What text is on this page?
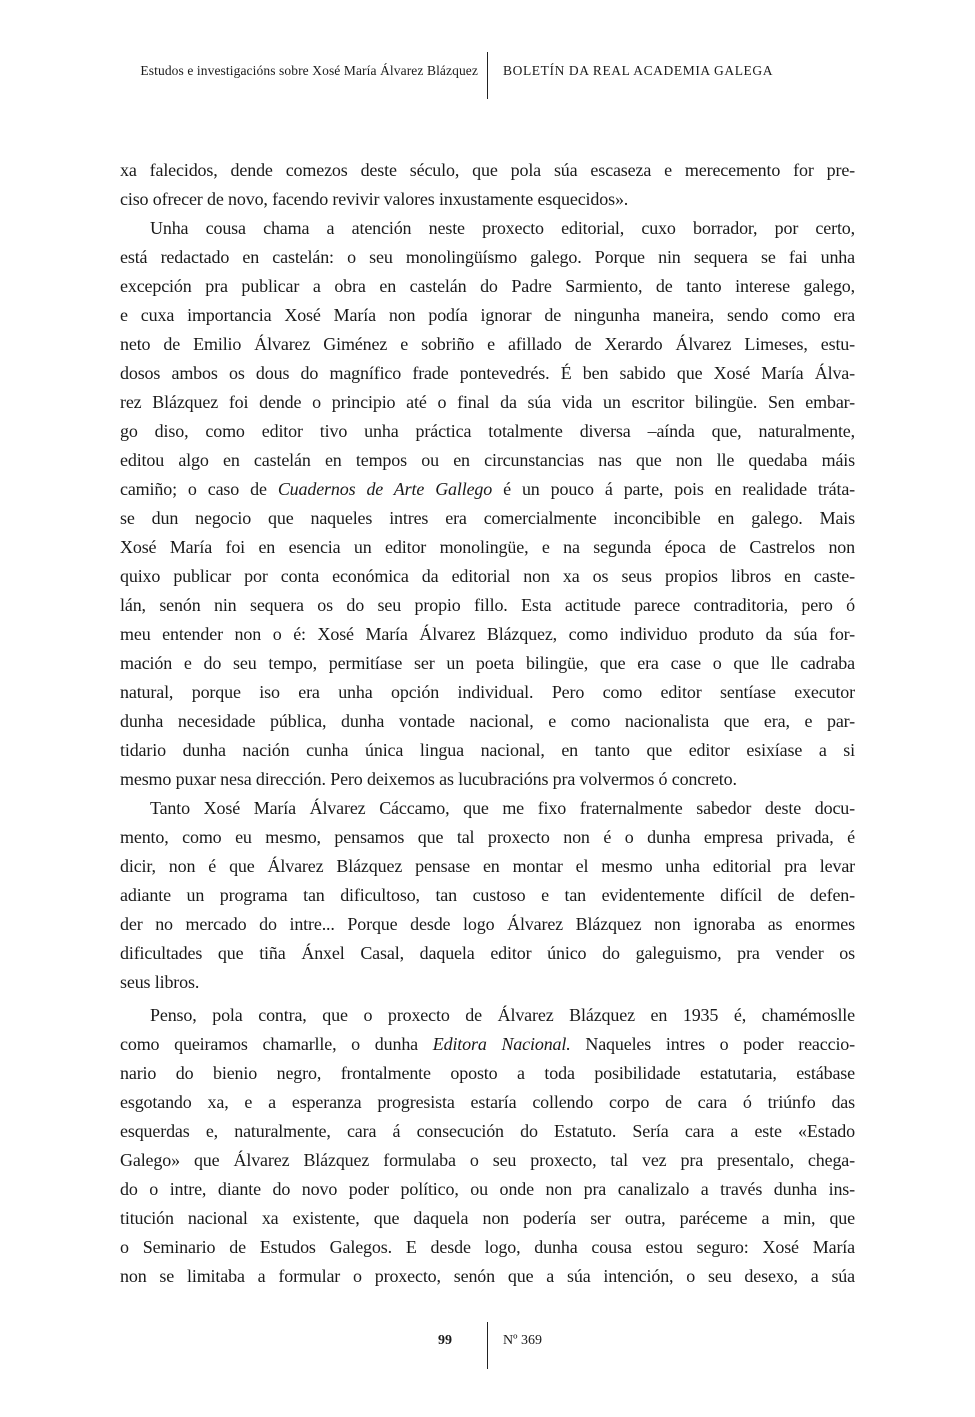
Estudos e investigacións sobre Xosé María Álvarez Blázquez BOLETÍN DA REAL ACADEMIA GALEGA
xa falecidos, dende comezos deste século, que pola súa escaseza e merecemento for pre-
ciso ofrecer de novo, facendo revivir valores inxustamente esquecidos».
Unha cousa chama a atención neste proxecto editorial, cuxo borrador, por certo,
está redactado en castelán: o seu monolingüísmo galego. Porque nin sequera se fai unha
excepción pra publicar a obra en castelán do Padre Sarmiento, de tanto interese galego,
e cuxa importancia Xosé María non podía ignorar de ningunha maneira, sendo como era
neto de Emilio Álvarez Giménez e sobriño e afillado de Xerardo Álvarez Limeses, estu-
dosos ambos os dous do magnífico frade pontevedrés. É ben sabido que Xosé María Álva-
rez Blázquez foi dende o principio até o final da súa vida un escritor bilingüe. Sen embar-
go diso, como editor tivo unha práctica totalmente diversa –aínda que, naturalmente,
editou algo en castelán en tempos ou en circunstancias nas que non lle quedaba máis
camiño; o caso de Cuadernos de Arte Gallego é un pouco á parte, pois en realidade trátа-
se dun negocio que naqueles intres era comercialmente inconcibible en galego. Mais
Xosé María foi en esencia un editor monolingüe, e na segunda época de Castrelos non
quixo publicar por conta económica da editorial non xa os seus propios libros en caste-
lán, senón nin sequera os do seu propio fillo. Esta actitude parece contraditoria, pero ó
meu entender non o é: Xosé María Álvarez Blázquez, como individuo produto da súa for-
mación e do seu tempo, permitíase ser un poeta bilingüe, que era case o que lle cadraba
natural, porque iso era unha opción individual. Pero como editor sentíase executor
dunha necesidade pública, dunha vontade nacional, e como nacionalista que era, e par-
tidario dunha nación cunha única lingua nacional, en tanto que editor esixíase a si
mesmo puxar nesa dirección. Pero deixemos as lucubracións pra volvermos ó concreto.
Tanto Xosé María Álvarez Cáccamo, que me fixo fraternalmente sabedor deste docu-
mento, como eu mesmo, pensamos que tal proxecto non é o dunha empresa privada, é
dicir, non é que Álvarez Blázquez pensase en montar el mesmo unha editorial pra levar
adiante un programa tan dificultoso, tan custoso e tan evidentemente difícil de defen-
der no mercado do intre... Porque desde logo Álvarez Blázquez non ignoraba as enormes
dificultades que tiña Ánxel Casal, daquela editor único do galeguismo, pra vender os
seus libros.
Penso, pola contra, que o proxecto de Álvarez Blázquez en 1935 é, chamémoslle
como queiramos chamarlle, o dunha Editora Nacional. Naqueles intres o poder reaccio-
nario do bienio negro, frontalmente oposto a toda posibilidade estatutaria, estábase
esgotando xa, e a esperanza progresista estaría collendo corpo de cara ó triúnfo das
esquerdas e, naturalmente, cara á consecución do Estatuto. Sería cara a este «Estado
Galego» que Álvarez Blázquez formulaba o seu proxecto, tal vez pra presentalo, chega-
do o intre, diante do novo poder político, ou onde non pra canalizalo a través dunha ins-
titución nacional xa existente, que daquela non podería ser outra, paréceme a min, que
o Seminario de Estudos Galegos. E desde logo, dunha cousa estou seguro: Xosé María
non se limitaba a formular o proxecto, senón que a súa intención, o seu desexo, a súa
99	Nº 369
